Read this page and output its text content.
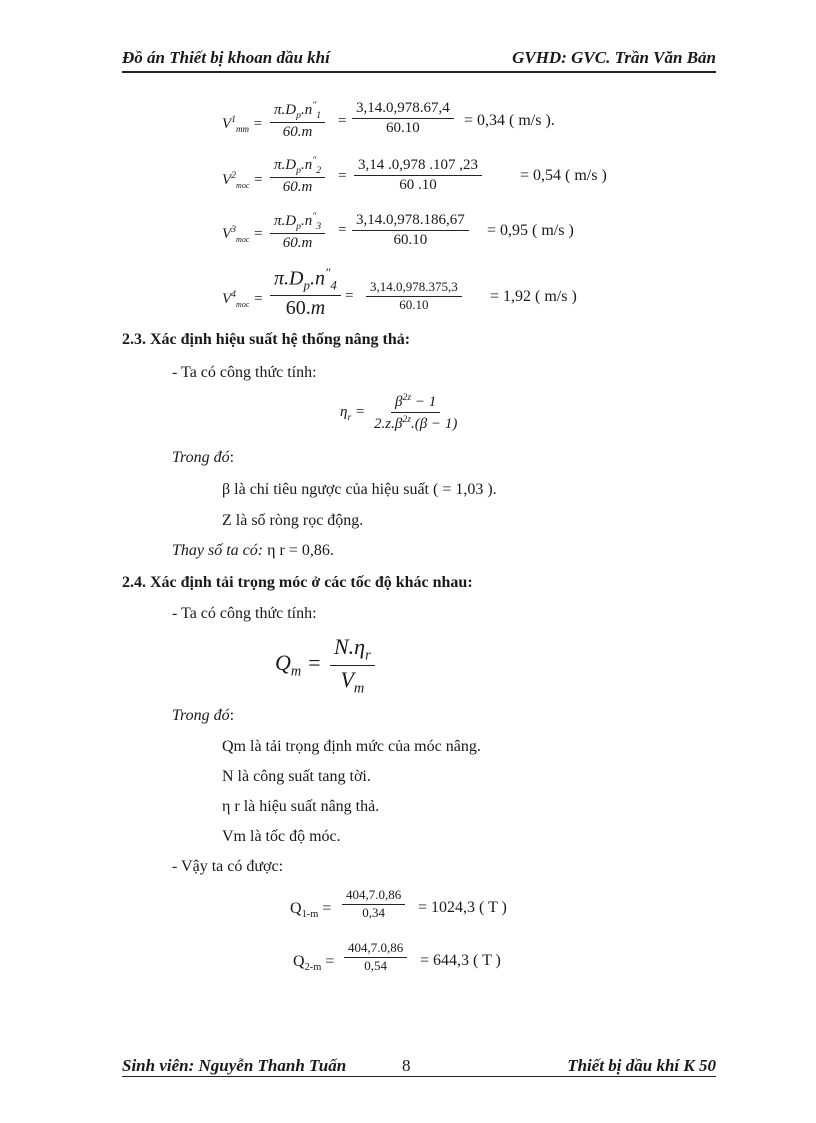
Đồ án Thiết bị khoan dầu khí	GVHD: GVC. Trần Văn Bản
$V^1_{mm} = \frac{\pi.D_p.n''_1}{60.m} = \frac{3,14.0,978.67,4}{60.10} = 0,34$ ( m/s ).
$V^2_{moc} = \frac{\pi.D_p.n''_2}{60.m} = \frac{3,14 .0,978 .107 ,23}{60 .10} = 0,54$ ( m/s )
$V^3_{moc} = \frac{\pi.D_p.n''_3}{60.m} = \frac{3,14.0,978.186,67}{60.10} = 0,95$ ( m/s )
$V^4_{moc} = \frac{\pi.D_p.n''_4}{60.m} = \frac{3,14.0,978.375,3}{60.10} = 1,92$ ( m/s )
2.3. Xác định hiệu suất hệ thống nâng thả:
- Ta có công thức tính:
$\eta_r = \frac{\beta^{2z} - 1}{2.z.\beta^{2z}.(\beta - 1)}$
Trong đó:
β là chỉ tiêu ngược của hiệu suất ( = 1,03 ).
Z là số ròng rọc động.
Thay số ta có: η r = 0,86.
2.4. Xác định tải trọng móc ở các tốc độ khác nhau:
- Ta có công thức tính:
$Q_m = \frac{N.\eta_r}{V_m}$
Trong đó:
Qm là tải trọng định mức của móc nâng.
N là công suất tang tời.
η r là hiệu suất nâng thả.
Vm là tốc độ móc.
- Vậy ta có được:
$Q_{1-m} = \frac{404,7.0,86}{0,34} = 1024,3$ ( T )
$Q_{2-m} = \frac{404,7.0,86}{0,54} = 644,3$ ( T )
Sinh viên: Nguyễn Thanh Tuấn	8	Thiết bị dầu khí K 50
